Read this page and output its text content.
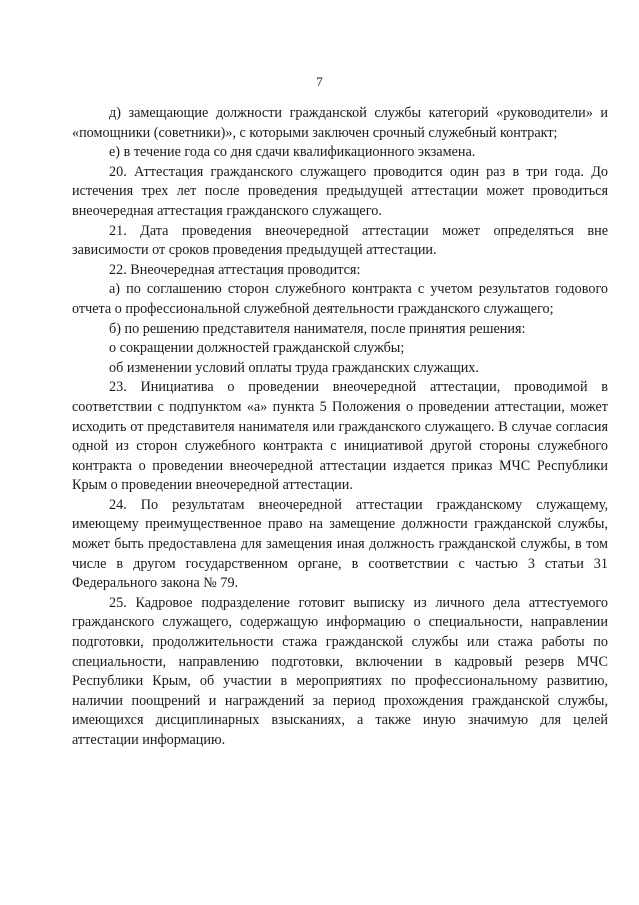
7

д) замещающие должности гражданской службы категорий «руководители» и «помощники (советники)», с которыми заключен срочный служебный контракт;

е) в течение года со дня сдачи квалификационного экзамена.

20. Аттестация гражданского служащего проводится один раз в три года. До истечения трех лет после проведения предыдущей аттестации может проводиться внеочередная аттестация гражданского служащего.

21. Дата проведения внеочередной аттестации может определяться вне зависимости от сроков проведения предыдущей аттестации.

22. Внеочередная аттестация проводится:

а) по соглашению сторон служебного контракта с учетом результатов годового отчета о профессиональной служебной деятельности гражданского служащего;

б) по решению представителя нанимателя, после принятия решения:

о сокращении должностей гражданской службы;

об изменении условий оплаты труда гражданских служащих.

23. Инициатива о проведении внеочередной аттестации, проводимой в соответствии с подпунктом «а» пункта 5 Положения о проведении аттестации, может исходить от представителя нанимателя или гражданского служащего. В случае согласия одной из сторон служебного контракта с инициативой другой стороны служебного контракта о проведении внеочередной аттестации издается приказ МЧС Республики Крым о проведении внеочередной аттестации.

24. По результатам внеочередной аттестации гражданскому служащему, имеющему преимущественное право на замещение должности гражданской службы, может быть предоставлена для замещения иная должность гражданской службы, в том числе в другом государственном органе, в соответствии с частью 3 статьи 31 Федерального закона № 79.

25. Кадровое подразделение готовит выписку из личного дела аттестуемого гражданского служащего, содержащую информацию о специальности, направлении подготовки, продолжительности стажа гражданской службы или стажа работы по специальности, направлению подготовки, включении в кадровый резерв МЧС Республики Крым, об участии в мероприятиях по профессиональному развитию, наличии поощрений и награждений за период прохождения гражданской службы, имеющихся дисциплинарных взысканиях, а также иную значимую для целей аттестации информацию.
